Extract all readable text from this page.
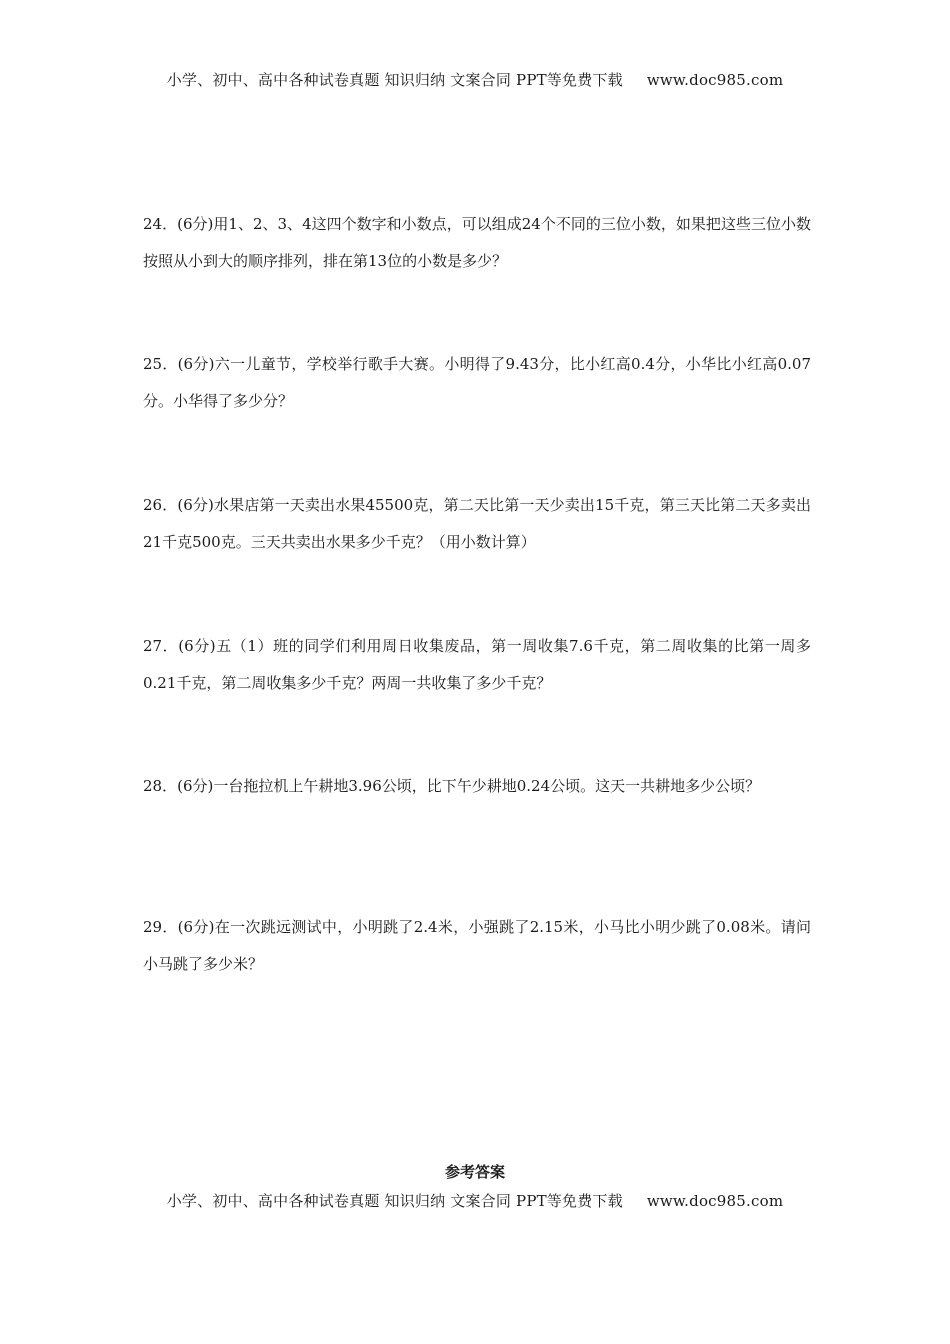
小学、初中、高中各种试卷真题 知识归纳 文案合同 PPT等免费下载 www.doc985.com
24．(6分)用1、2、3、4这四个数字和小数点，可以组成24个不同的三位小数，如果把这些三位小数按照从小到大的顺序排列，排在第13位的小数是多少？
25．(6分)六一儿童节，学校举行歌手大赛。小明得了9.43分，比小红高0.4分，小华比小红高0.07分。小华得了多少分？
26．(6分)水果店第一天卖出水果45500克，第二天比第一天少卖出15千克，第三天比第二天多卖出21千克500克。三天共卖出水果多少千克？（用小数计算）
27．(6分)五（1）班的同学们利用周日收集废品，第一周收集7.6千克，第二周收集的比第一周多0.21千克，第二周收集多少千克？两周一共收集了多少千克？
28．(6分)一台拖拉机上午耕地3.96公顷，比下午少耕地0.24公顷。这天一共耕地多少公顷？
29．(6分)在一次跳远测试中，小明跳了2.4米，小强跳了2.15米，小马比小明少跳了0.08米。请问小马跳了多少米？
参考答案
小学、初中、高中各种试卷真题 知识归纳 文案合同 PPT等免费下载 www.doc985.com
